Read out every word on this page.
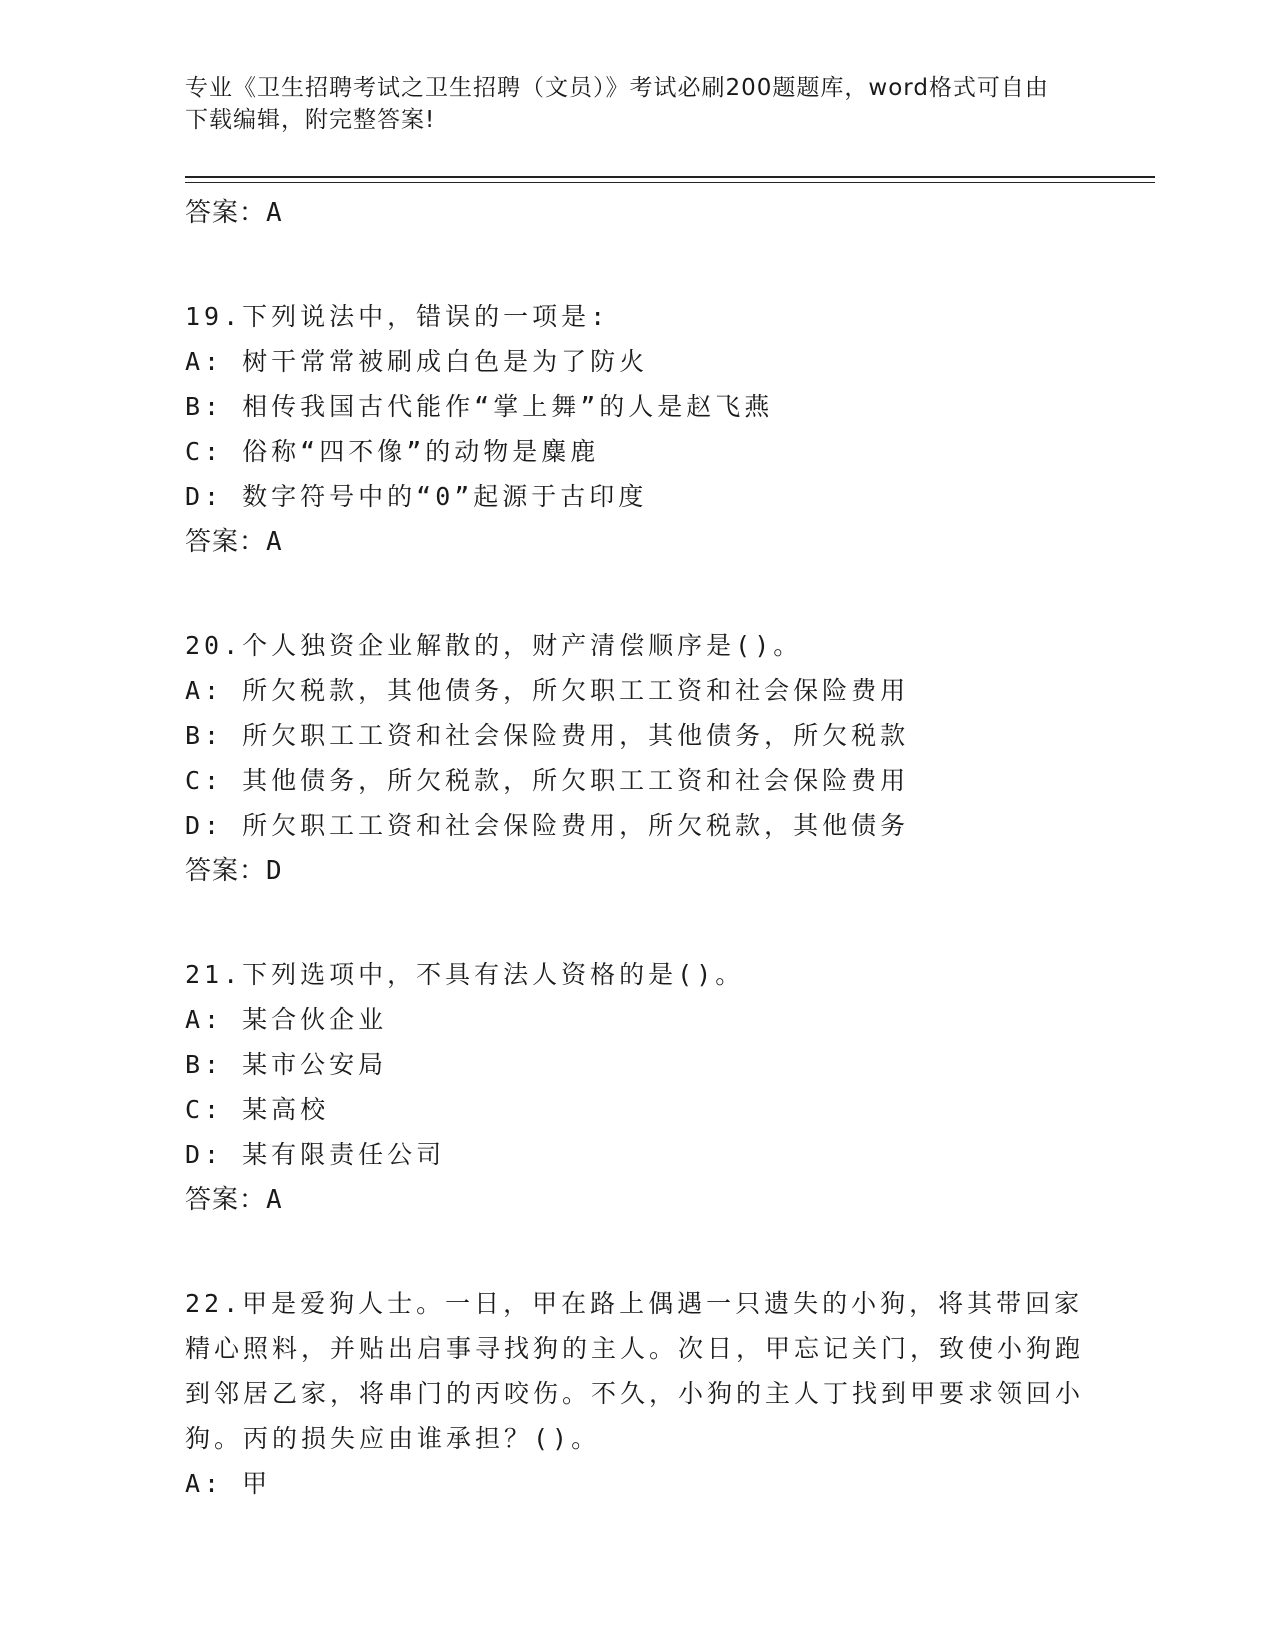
专业《卫生招聘考试之卫生招聘（文员）》考试必刷200题题库，word格式可自由下载编辑，附完整答案!
答案：A
19.下列说法中，错误的一项是:
A: 树干常常被刷成白色是为了防火
B: 相传我国古代能作“掌上舞”的人是赵飞燕
C: 俗称“四不像”的动物是麋鹿
D: 数字符号中的“0”起源于古印度
答案：A
20.个人独资企业解散的，财产清偿顺序是()。
A: 所欠税款，其他债务，所欠职工工资和社会保险费用
B: 所欠职工工资和社会保险费用，其他债务，所欠税款
C: 其他债务，所欠税款，所欠职工工资和社会保险费用
D: 所欠职工工资和社会保险费用，所欠税款，其他债务
答案：D
21.下列选项中，不具有法人资格的是()。
A: 某合伙企业
B: 某市公安局
C: 某高校
D: 某有限责任公司
答案：A
22.甲是爱狗人士。一日，甲在路上偶遇一只遗失的小狗，将其带回家精心照料，并贴出启事寻找狗的主人。次日，甲忘记关门，致使小狗跑到邻居乙家，将串门的丙咬伤。不久，小狗的主人丁找到甲要求领回小狗。丙的损失应由谁承担？()。
A: 甲
